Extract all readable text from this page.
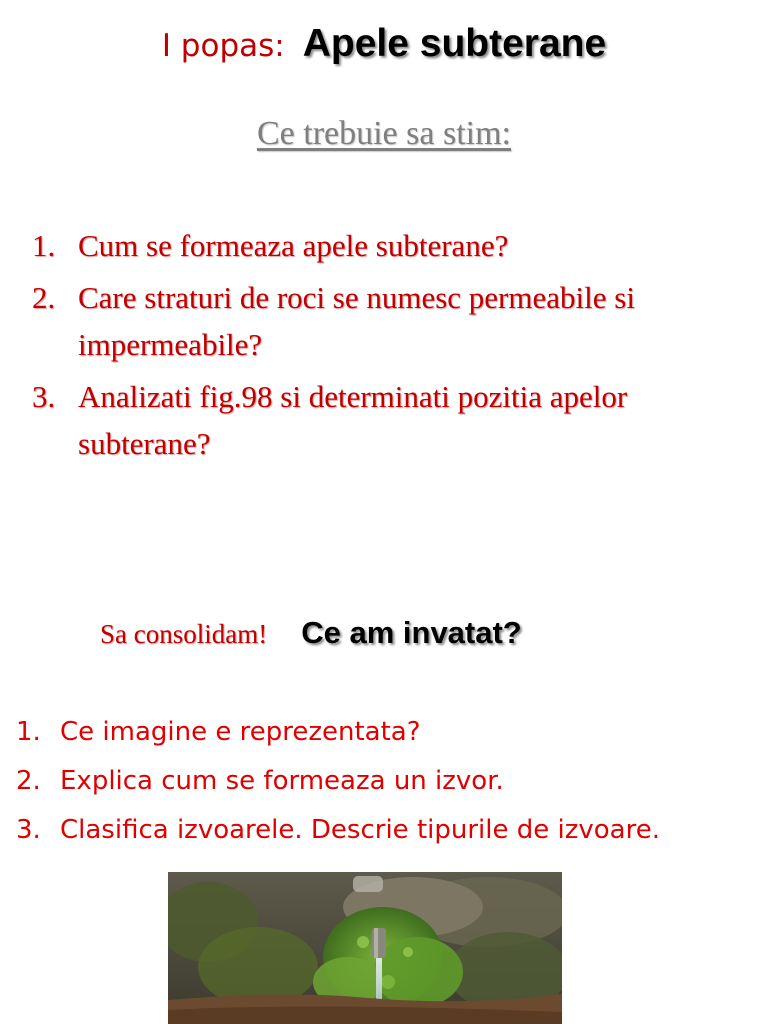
I popas: Apele subterane
Ce trebuie sa stim:
1. Cum se formeaza apele subterane?
2. Care straturi de roci se numesc permeabile si impermeabile?
3. Analizati fig.98 si determinati pozitia apelor subterane?
Sa consolidam! Ce am invatat?
1. Ce imagine e reprezentata?
2. Explica cum se formeaza un izvor.
3. Clasifica izvoarele. Descrie tipurile de izvoare.
